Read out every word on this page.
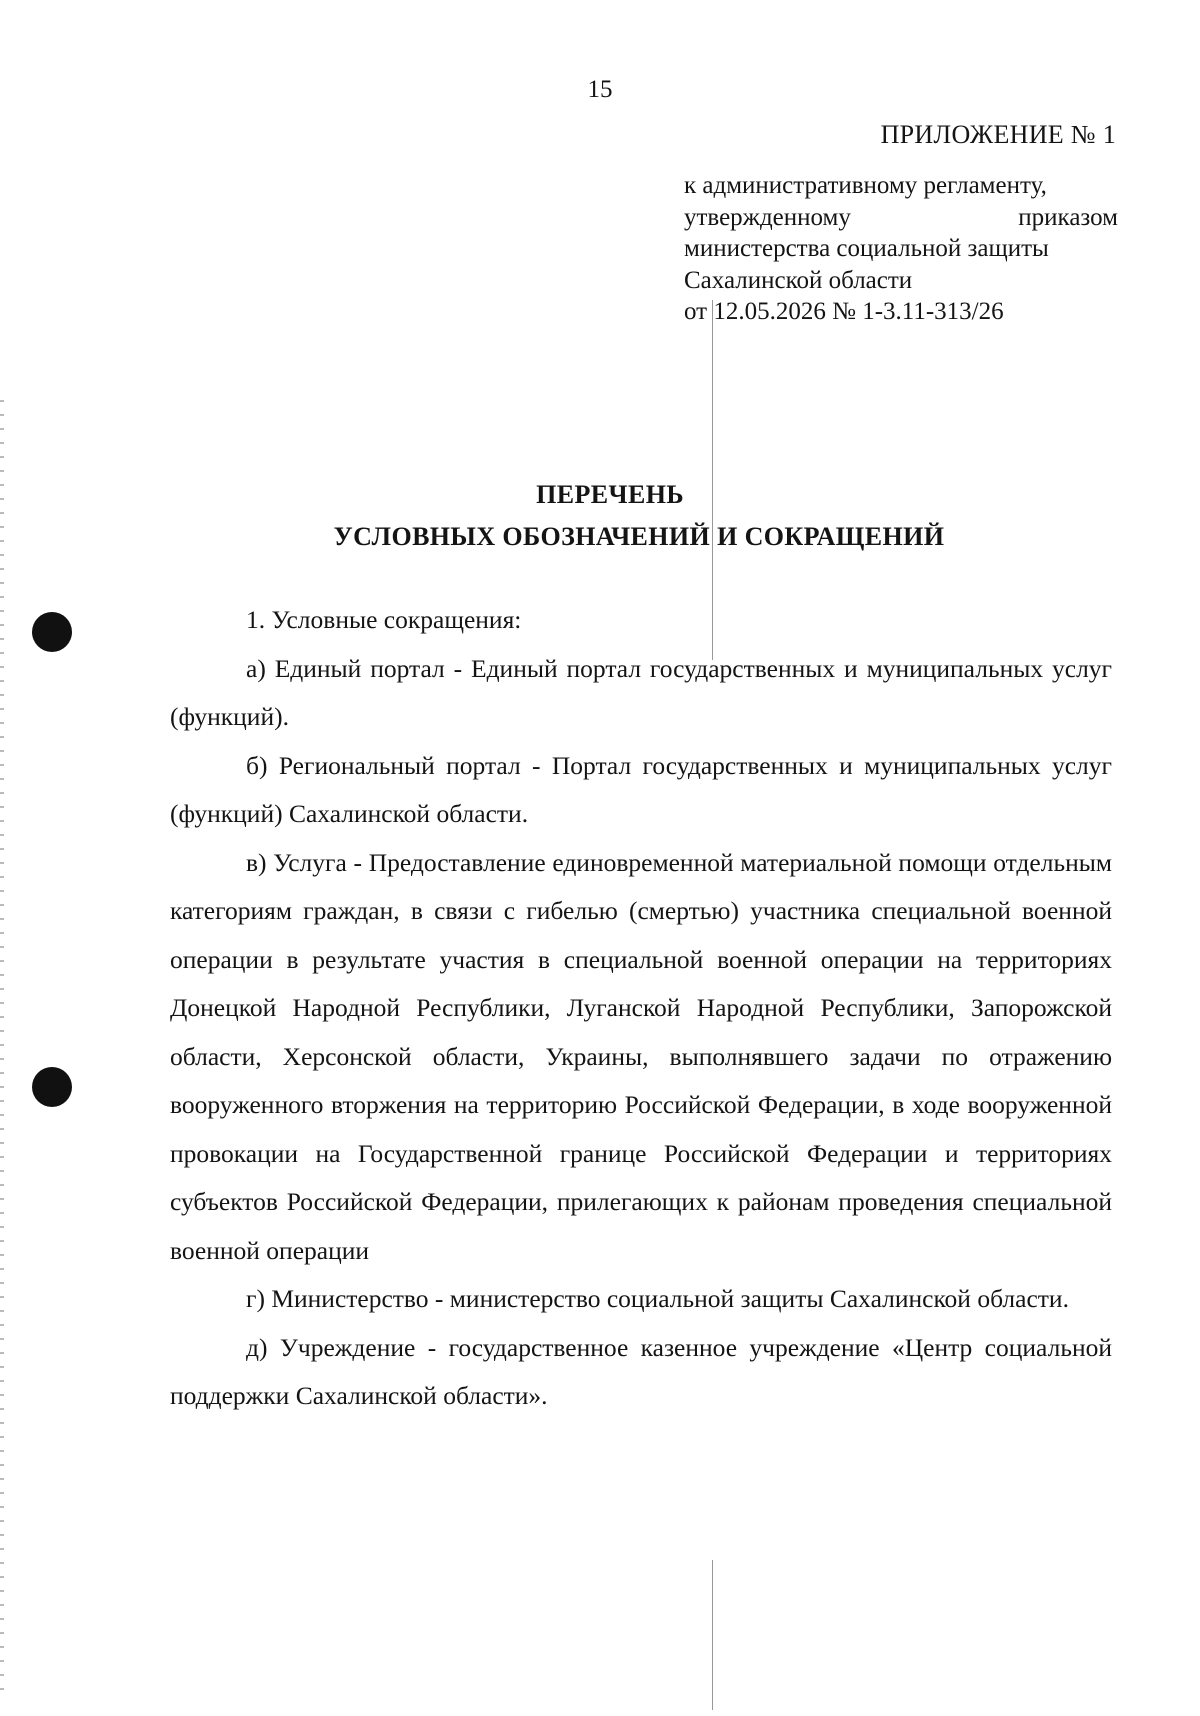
15
ПРИЛОЖЕНИЕ № 1
к административному регламенту,
утвержденному	приказом
министерства социальной защиты
Сахалинской области
от 12.05.2026 № 1-3.11-313/26
ПЕРЕЧЕНЬ
УСЛОВНЫХ ОБОЗНАЧЕНИЙ И СОКРАЩЕНИЙ

1. Условные сокращения:

а) Единый портал - Единый портал государственных и муниципальных услуг (функций).

б) Региональный портал - Портал государственных и муниципальных услуг (функций) Сахалинской области.

в) Услуга - Предоставление единовременной материальной помощи отдельным категориям граждан, в связи с гибелью (смертью) участника специальной военной операции в результате участия в специальной военной операции на территориях Донецкой Народной Республики, Луганской Народной Республики, Запорожской области, Херсонской области, Украины, выполнявшего задачи по отражению вооруженного вторжения на территорию Российской Федерации, в ходе вооруженной провокации на Государственной границе Российской Федерации и территориях субъектов Российской Федерации, прилегающих к районам проведения специальной военной операции

г) Министерство - министерство социальной защиты Сахалинской области.

д) Учреждение - государственное казенное учреждение «Центр социальной поддержки Сахалинской области».
